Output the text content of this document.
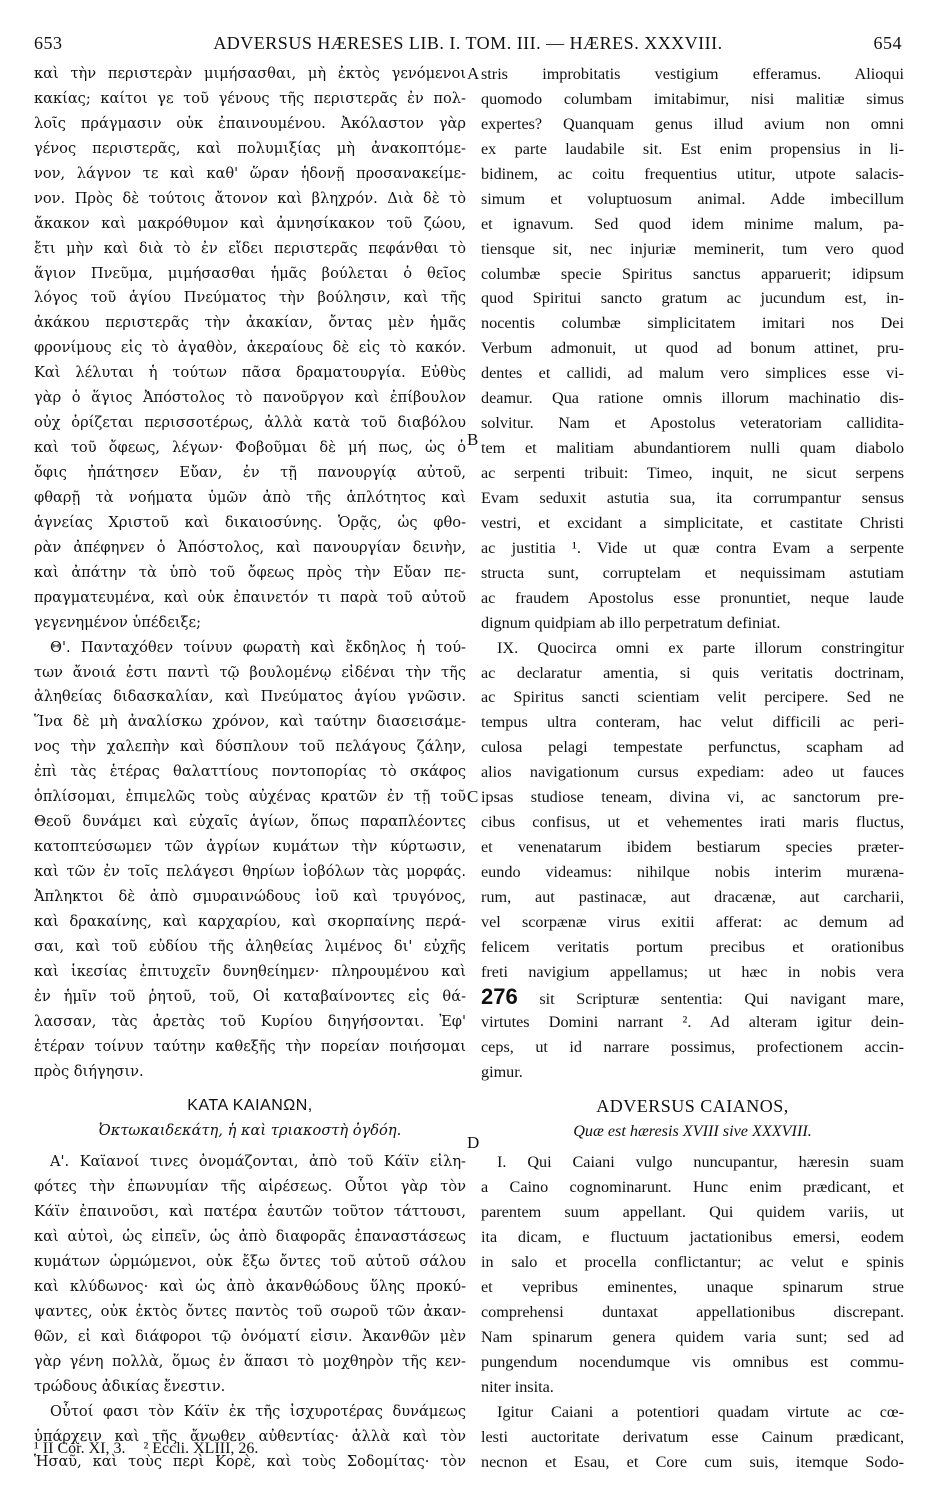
653	ADVERSUS HÆRESES LIB. I. TOM. III. — HÆRES. XXXVIII.	654
καὶ τὴν περιστερὰν μιμήσασθαι, μὴ ἐκτὸς γενόμενοι
κακίας; καίτοι γε τοῦ γένους τῆς περιστερᾶς ἐν πολ-
λοῖς πράγμασιν οὐκ ἐπαινουμένου. Ἀκόλαστον γὰρ
γένος περιστερᾶς, καὶ πολυμιξίας μὴ ἀνακοπτόμε-
νον, λάγνον τε καὶ καθ' ὥραν ἡδονῇ προσανακείμε-
νον. Πρὸς δὲ τούτοις ἄτονον καὶ βληχρόν. Διὰ δὲ τὸ
ἄκακον καὶ μακρόθυμον καὶ ἀμνησίκακον τοῦ ζώου,
ἔτι μὴν καὶ διὰ τὸ ἐν εἴδει περιστερᾶς πεφάνθαι τὸ
ἅγιον Πνεῦμα, μιμήσασθαι ἡμᾶς βούλεται ὁ θεῖος
λόγος τοῦ ἁγίου Πνεύματος τὴν βούλησιν, καὶ τῆς
ἀκάκου περιστερᾶς τὴν ἀκακίαν, ὄντας μὲν ἡμᾶς
φρονίμους εἰς τὸ ἀγαθὸν, ἀκεραίους δὲ εἰς τὸ κακόν.
Καὶ λέλυται ἡ τούτων πᾶσα δραματουργία. Εὐθὺς
γὰρ ὁ ἅγιος Ἀπόστολος τὸ πανοῦργον καὶ ἐπίβουλον
οὐχ ὁρίζεται περισσοτέρως, ἀλλὰ κατὰ τοῦ διαβόλου
καὶ τοῦ ὄφεως, λέγων· Φοβοῦμαι δὲ μή πως, ὡς ὁ
ὄφις ἠπάτησεν Εὔαν, ἐν τῇ πανουργίᾳ αὐτοῦ,
φθαρῇ τὰ νοήματα ὑμῶν ἀπὸ τῆς ἁπλότητος καὶ
ἁγνείας Χριστοῦ καὶ δικαιοσύνης. Ὁρᾷς, ὡς φθο-
ρὰν ἀπέφηνεν ὁ Ἀπόστολος, καὶ πανουργίαν δεινὴν,
καὶ ἀπάτην τὰ ὑπὸ τοῦ ὄφεως πρὸς τὴν Εὔαν πε-
πραγματευμένα, καὶ οὐκ ἐπαινετόν τι παρὰ τοῦ αὐτοῦ
γεγενημένον ὑπέδειξε;
Θ'. Πανταχόθεν τοίνυν φωρατὴ καὶ ἔκδηλος ἡ τού-
των ἄνοιά ἐστι παντὶ τῷ βουλομένῳ εἰδέναι τὴν τῆς
ἀληθείας διδασκαλίαν, καὶ Πνεύματος ἁγίου γνῶσιν.
Ἵνα δὲ μὴ ἀναλίσκω χρόνον, καὶ ταύτην διασεισάμε-
νος τὴν χαλεπὴν καὶ δύσπλουν τοῦ πελάγους ζάλην,
ἐπὶ τὰς ἑτέρας θαλαττίους ποντοπορίας τὸ σκάφος
ὁπλίσομαι, ἐπιμελῶς τοὺς αὐχένας κρατῶν ἐν τῇ τοῦ
Θεοῦ δυνάμει καὶ εὐχαῖς ἁγίων, ὅπως παραπλέοντες
κατοπτεύσωμεν τῶν ἀγρίων κυμάτων τὴν κύρτωσιν,
καὶ τῶν ἐν τοῖς πελάγεσι θηρίων ἰοβόλων τὰς μορφάς.
Ἀπληκτοι δὲ ἀπὸ σμυραινώδους ἰοῦ καὶ τρυγόνος,
καὶ δρακαίνης, καὶ καρχαρίου, καὶ σκορπαίνης περά-
σαι, καὶ τοῦ εὐδίου τῆς ἀληθείας λιμένος δι' εὐχῆς
καὶ ἱκεσίας ἐπιτυχεῖν δυνηθείημεν· πληρουμένου καὶ
ἐν ἡμῖν τοῦ ῥητοῦ, τοῦ, Οἱ καταβαίνοντες εἰς θά-
λασσαν, τὰς ἀρετὰς τοῦ Κυρίου διηγήσονται. Ἐφ'
ἑτέραν τοίνυν ταύτην καθεξῆς τὴν πορείαν ποιήσομαι
πρὸς διήγησιν.
ΚΑΤΑ ΚΑΙΑΝΩΝ,
Ὀκτωκαιδεκάτη, ἡ καὶ τριακοστὴ ὀγδόη.
Α'. Καϊανοί τινες ὀνομάζονται, ἀπὸ τοῦ Κάϊν εἰλη-
φότες τὴν ἐπωνυμίαν τῆς αἱρέσεως. Οὗτοι γὰρ τὸν
Κάϊν ἐπαινοῦσι, καὶ πατέρα ἑαυτῶν τοῦτον τάττουσι,
καὶ αὐτοὶ, ὡς εἰπεῖν, ὡς ἀπὸ διαφορᾶς ἐπαναστάσεως
κυμάτων ὡρμώμενοι, οὐκ ἔξω ὄντες τοῦ αὐτοῦ σάλου
καὶ κλύδωνος· καὶ ὡς ἀπὸ ἀκανθώδους ὕλης προκύ-
ψαντες, οὐκ ἐκτὸς ὄντες παντὸς τοῦ σωροῦ τῶν ἀκαν-
θῶν, εἰ καὶ διάφοροι τῷ ὀνόματί εἰσιν. Ἀκανθῶν μὲν
γὰρ γένη πολλὰ, ὅμως ἐν ἅπασι τὸ μοχθηρὸν τῆς κεν-
τρώδους ἀδικίας ἔνεστιν.
Οὗτοί φασι τὸν Κάϊν ἐκ τῆς ἰσχυροτέρας δυνάμεως
ὑπάρχειν καὶ τῆς ἄνωθεν αὐθεντίας· ἀλλὰ καὶ τὸν
Ἡσαῦ, καὶ τοὺς περὶ Κορὲ, καὶ τοὺς Σοδομίτας· τὸν
stris improbitatis vestigium efferamus. Alioqui
quomodo columbam imitabimur, nisi malitiæ simus
expertes? Quanquam genus illud avium non omni
ex parte laudabile sit. Est enim propensius in li-
bidinem, ac coitu frequentius utitur, utpote salacis-
simum et voluptuosum animal. Adde imbecillum
et ignavum. Sed quod idem minime malum, pa-
tiensque sit, nec injuriæ meminerit, tum vero quod
columbæ specie Spiritus sanctus apparuerit; idipsum
quod Spiritui sancto gratum ac jucundum est, in-
nocentis columbæ simplicitatem imitari nos Dei
Verbum admonuit, ut quod ad bonum attinet, pru-
dentes et callidi, ad malum vero simplices esse vi-
deamur. Qua ratione omnis illorum machinatio dis-
solvitur. Nam et Apostolus veteratoriam calliditа-
tem et malitiam abundantiorem nulli quam diabolo
ac serpenti tribuit: Timeo, inquit, ne sicut serpens
Evam seduxit astutia sua, ita corrumpantur sensus
vestri, et excidant a simplicitate, et castitate Christi
ac justitia ¹. Vide ut quæ contra Evam a serpente
structa sunt, corruptelam et nequissimam astutiam
ac fraudem Apostolus esse pronuntiet, neque laude
dignum quidpiam ab illo perpetratum definiat.
IX. Quocirca omni ex parte illorum constringitur
ac declaratur amentia, si quis veritatis doctrinam,
ac Spiritus sancti scientiam velit percipere. Sed ne
tempus ultra conteram, hac velut difficili ac peri-
culosa pelagi tempestate perfunctus, scapham ad
alios navigationum cursus expediam: adeo ut fauces
ipsas studiose teneam, divina vi, ac sanctorum pre-
cibus confisus, ut et vehementes irati maris fluctus,
et venenatarum ibidem bestiarum species præter-
eundo videamus: nihilque nobis interim murænа-
rum, aut pastinacæ, aut dracænæ, aut carcharii,
vel scorpænæ virus exitii afferat: ac demum ad
felicem veritatis portum precibus et orationibus
freti navigium appellamus; ut hæc in nobis vera
276 sit Scripturæ sententia: Qui navigant mare,
virtutes Domini narrant ². Ad alteram igitur dein-
ceps, ut id narrare possimus, profectionem accin-
gimur.
ADVERSUS CAIANOS,
Quæ est hæresis XVIII sive XXXVIII.
I. Qui Caiani vulgo nuncupantur, hæresin suam
a Caino cognominarunt. Hunc enim prædicant, et
parentem suum appellant. Qui quidem variis, ut
ita dicam, e fluctuum jactationibus emersi, eodem
in salo et procella conflictantur; ac velut e spinis
et vepribus eminentes, unaque spinarum strue
comprehensi duntaxat appellationibus discrepant.
Nam spinarum genera quidem varia sunt; sed ad
pungendum nocendumque vis omnibus est commu-
niter insita.
Igitur Caiani a potentiori quadam virtute ac cœ-
lesti auctoritate derivatum esse Cainum prædicant,
necnon et Esau, et Core cum suis, itemque Sodo-
A
B
C
D
¹ II Cor. XI, 3. ² Eccli. XLIII, 26.
